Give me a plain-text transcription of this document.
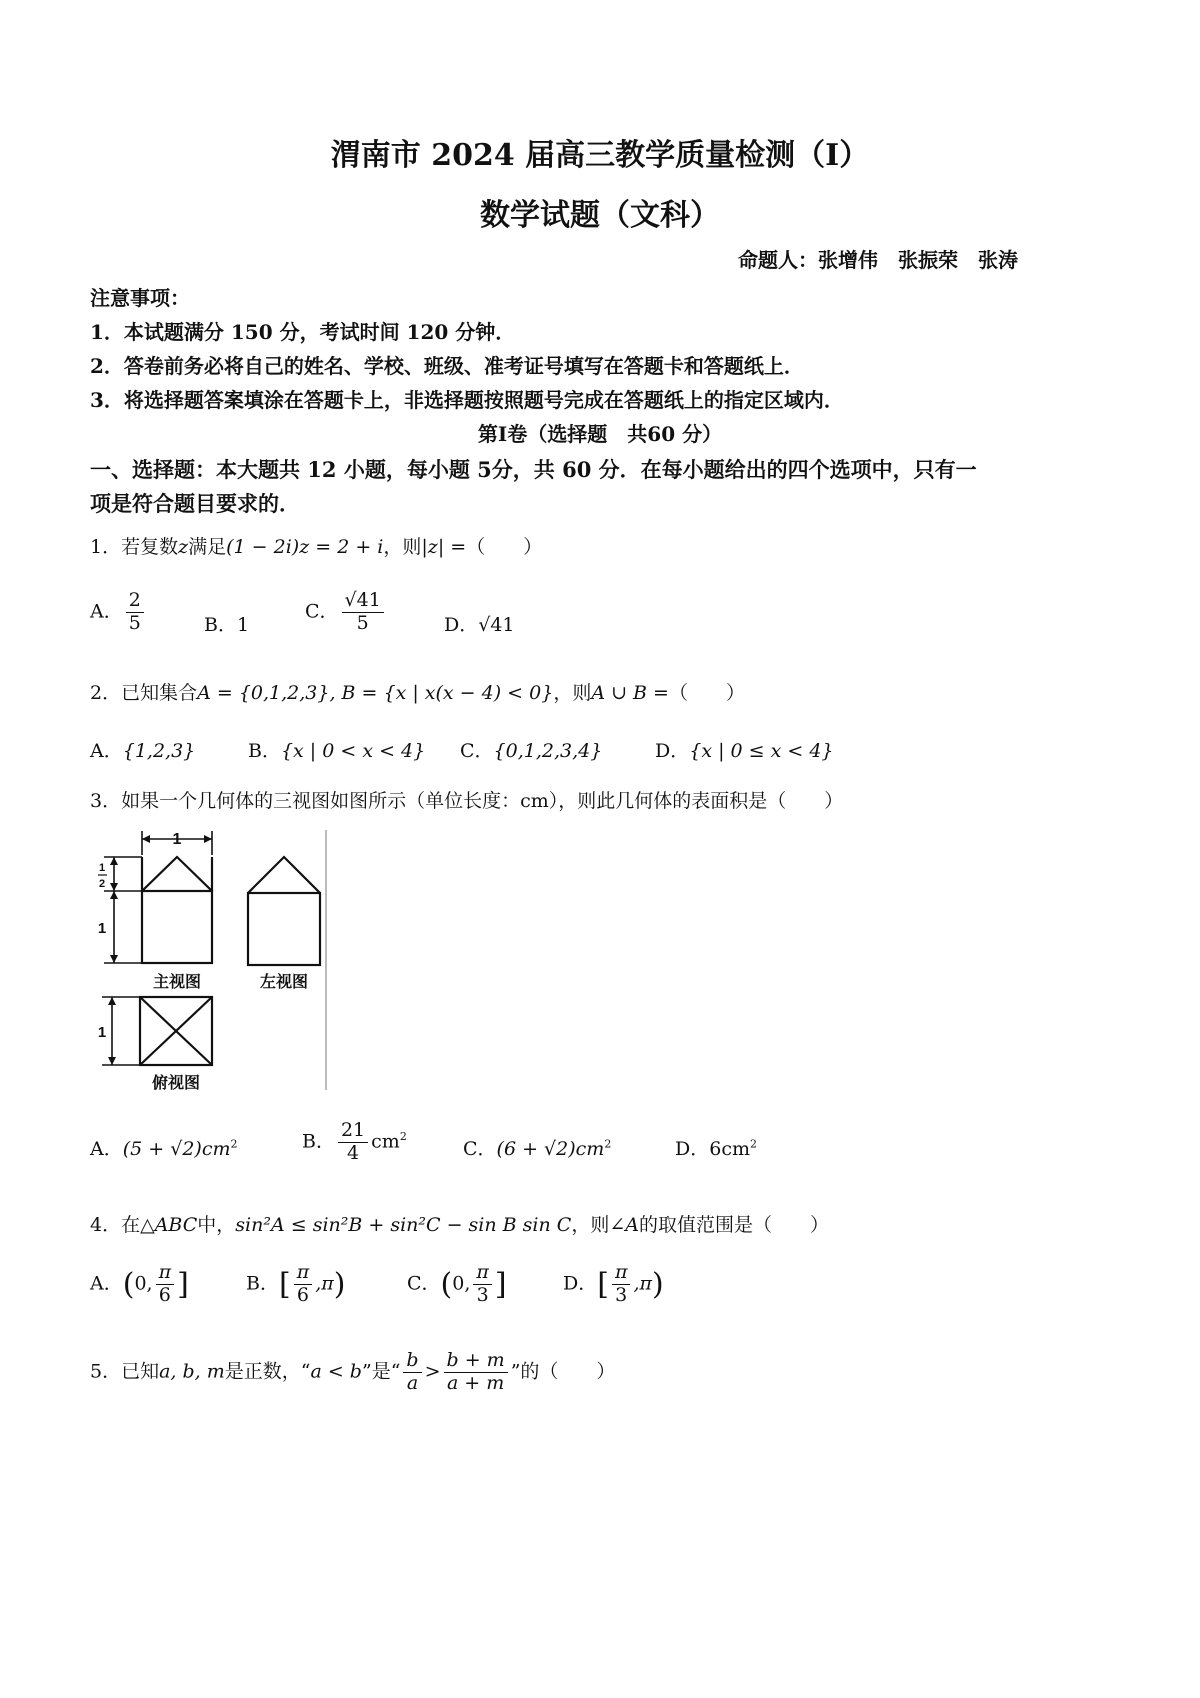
渭南市 2024 届高三教学质量检测（Ⅰ）
数学试题（文科）
命题人：张增伟　张振荣　张涛
注意事项：
1．本试题满分 150 分，考试时间 120 分钟．
2．答卷前务必将自己的姓名、学校、班级、准考证号填写在答题卡和答题纸上．
3．将选择题答案填涂在答题卡上，非选择题按照题号完成在答题纸上的指定区域内．
第Ⅰ卷（选择题　共60 分）
一、选择题：本大题共 12 小题，每小题 5分，共 60 分．在每小题给出的四个选项中，只有一
项是符合题目要求的．
1．若复数z满足(1 − 2i)z = 2 + i，则|z| =（　　）
A． $\frac{2}{5}$	B．1
C． $\frac{√41}{5}$	D．√41
2．已知集合A = {0,1,2,3}, B = {x | x(x − 4) < 0}，则A ∪ B =（　　）
A．{1,2,3}	B．{x | 0 < x < 4} C．{0,1,2,3,4}	D．{x | 0 ≤ x < 4}
3．如果一个几何体的三视图如图所示（单位长度：cm），则此几何体的表面积是（　　）
1
1
2
1
1
主视图	左视图
俯视图
A．$(5 + √2)cm^2$	B． $\frac{21}{4} cm^2$
C．$(6 + √2)cm^2$	D．$6cm^2$
4．在△ABC中，sin²A ≤ sin²B + sin²C − sin B sin C，则∠A的取值范围是（　　）
A．(0, $\frac{\pi}{6}$ ]	B．[ $\frac{\pi}{6} ,\pi$)	C．(0, $\frac{\pi}{3}$ ]	D．[ $\frac{\pi}{3} ,\pi$)
5．已知a, b, m是正数，“a < b”是“ $\frac{b}{a} > \frac{b + m}{a + m}$ ”的（　　）
